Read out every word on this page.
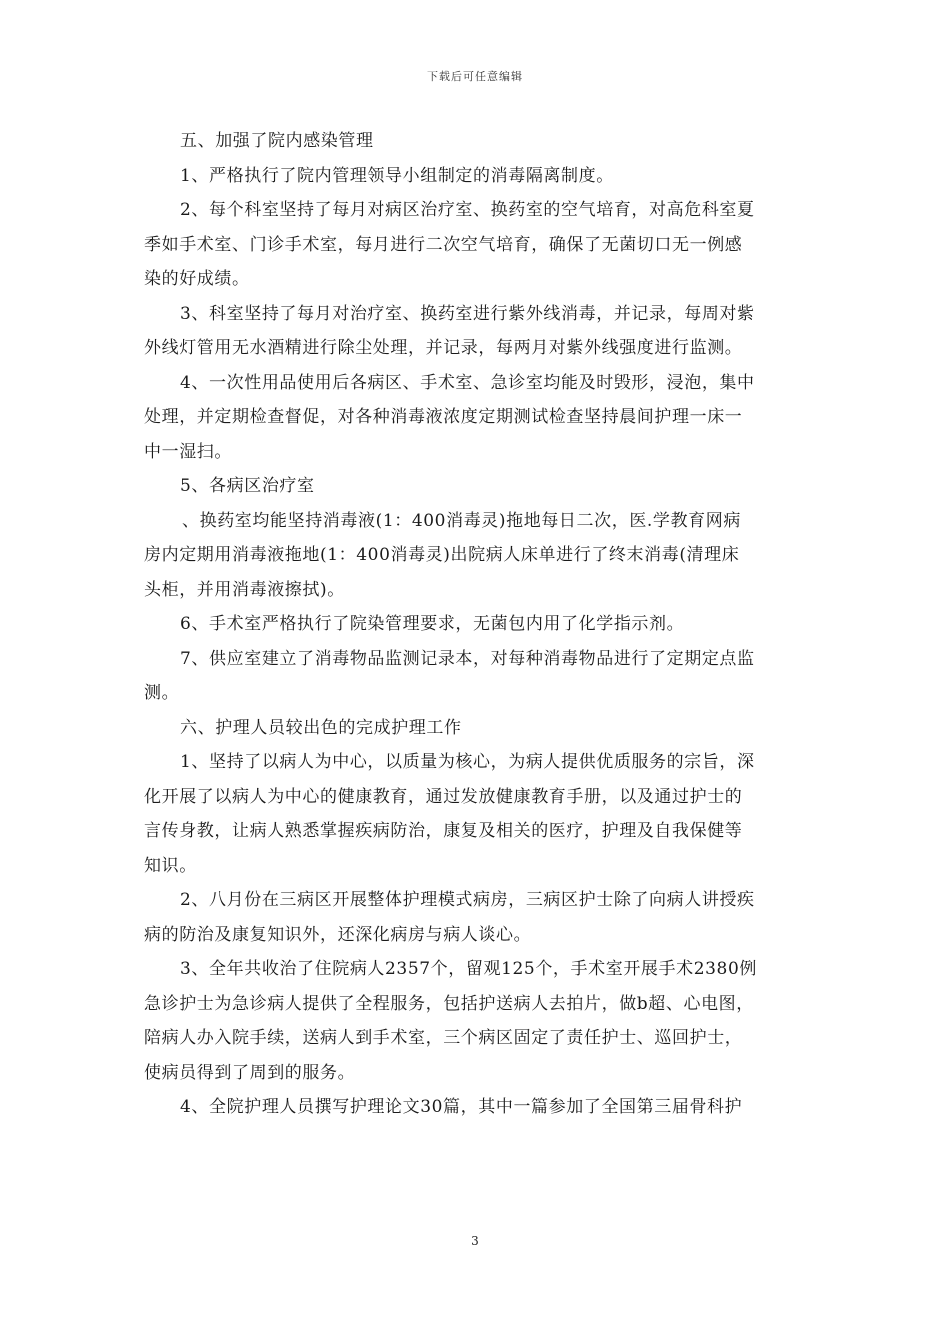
下载后可任意编辑
五、加强了院内感染管理
1、严格执行了院内管理领导小组制定的消毒隔离制度。
2、每个科室坚持了每月对病区治疗室、换药室的空气培育，对高危科室夏
季如手术室、门诊手术室，每月进行二次空气培育，确保了无菌切口无一例感
染的好成绩。
3、科室坚持了每月对治疗室、换药室进行紫外线消毒，并记录，每周对紫
外线灯管用无水酒精进行除尘处理，并记录，每两月对紫外线强度进行监测。
4、一次性用品使用后各病区、手术室、急诊室均能及时毁形，浸泡，集中
处理，并定期检查督促，对各种消毒液浓度定期测试检查坚持晨间护理一床一
中一湿扫。
5、各病区治疗室
、换药室均能坚持消毒液(1：400消毒灵)拖地每日二次，医.学教育网病
房内定期用消毒液拖地(1：400消毒灵)出院病人床单进行了终末消毒(清理床
头柜，并用消毒液擦拭)。
6、手术室严格执行了院染管理要求，无菌包内用了化学指示剂。
7、供应室建立了消毒物品监测记录本，对每种消毒物品进行了定期定点监
测。
六、护理人员较出色的完成护理工作
1、坚持了以病人为中心，以质量为核心，为病人提供优质服务的宗旨，深
化开展了以病人为中心的健康教育，通过发放健康教育手册，以及通过护士的
言传身教，让病人熟悉掌握疾病防治，康复及相关的医疗，护理及自我保健等
知识。
2、八月份在三病区开展整体护理模式病房，三病区护士除了向病人讲授疾
病的防治及康复知识外，还深化病房与病人谈心。
3、全年共收治了住院病人2357个，留观125个，手术室开展手术2380例
急诊护士为急诊病人提供了全程服务，包括护送病人去拍片，做b超、心电图，
陪病人办入院手续，送病人到手术室，三个病区固定了责任护士、巡回护士，
使病员得到了周到的服务。
4、全院护理人员撰写护理论文30篇，其中一篇参加了全国第三届骨科护
3
